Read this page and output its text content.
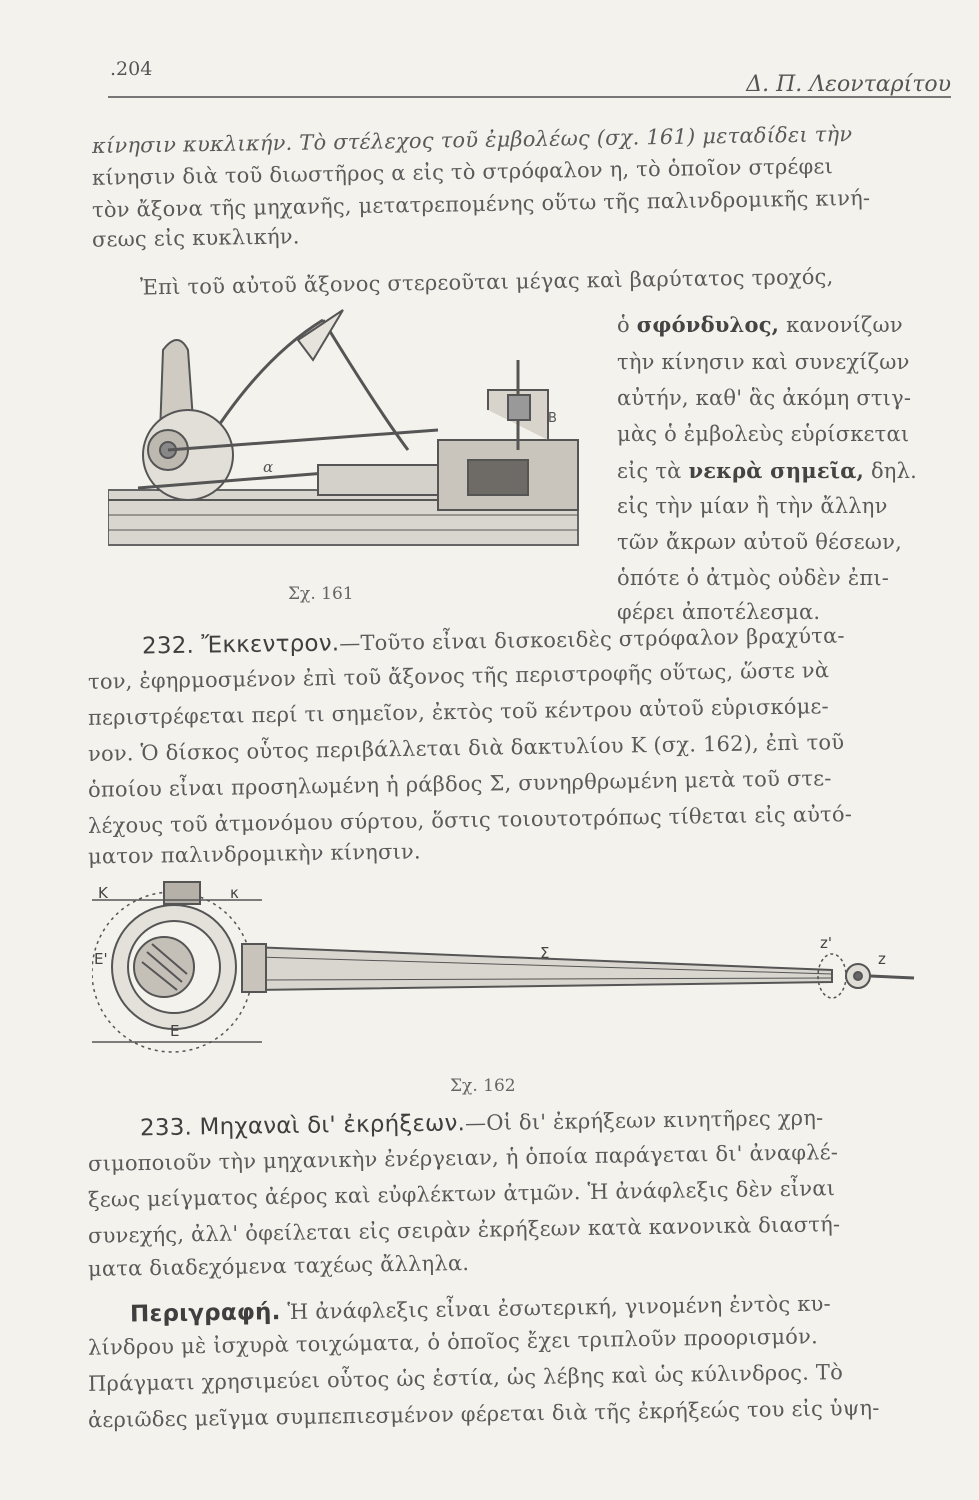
.204
Δ. Π. Λεονταρίτου
κίνησιν κυκλικήν. Τὸ στέλεχος τοῦ ἐμβολέως (σχ. 161) μεταδίδει τὴν
κίνησιν διὰ τοῦ διωστῆρος α εἰς τὸ στρόφαλον η, τὸ ὁποῖον στρέφει
τὸν ἄξονα τῆς μηχανῆς, μετατρεπομένης οὕτω τῆς παλινδρομικῆς κινή-
σεως εἰς κυκλικήν.
Ἐπὶ τοῦ αὐτοῦ ἄξονος στερεοῦται μέγας καὶ βαρύτατος τροχός,
ὁ σφόνδυλος, κανονίζων
τὴν κίνησιν καὶ συνεχίζων
αὐτήν, καθ' ἃς ἀκόμη στιγ-
μὰς ὁ ἐμβολεὺς εὑρίσκεται
εἰς τὰ νεκρὰ σημεῖα, δηλ.
εἰς τὴν μίαν ἢ τὴν ἄλλην
τῶν ἄκρων αὐτοῦ θέσεων,
ὁπότε ὁ ἀτμὸς οὐδὲν ἐπι-
φέρει ἀποτέλεσμα.
B
α
Σχ. 161
232. Ἔκκεντρον.—Τοῦτο εἶναι δισκοειδὲς στρόφαλον βραχύτα-
τον, ἐφηρμοσμένον ἐπὶ τοῦ ἄξονος τῆς περιστροφῆς οὕτως, ὥστε νὰ
περιστρέφεται περί τι σημεῖον, ἐκτὸς τοῦ κέντρου αὐτοῦ εὑρισκόμε-
νον. Ὁ δίσκος οὗτος περιβάλλεται διὰ δακτυλίου Κ (σχ. 162), ἐπὶ τοῦ
ὁποίου εἶναι προσηλωμένη ἡ ράβδος Σ, συνηρθρωμένη μετὰ τοῦ στε-
λέχους τοῦ ἀτμονόμου σύρτου, ὅστις τοιουτοτρόπως τίθεται εἰς αὐτό-
ματον παλινδρομικὴν κίνησιν.
K	κ
E'
E
Σ
z'
z
Σχ. 162
233. Μηχαναὶ δι' ἐκρήξεων.—Οἱ δι' ἐκρήξεων κινητῆρες χρη-
σιμοποιοῦν τὴν μηχανικὴν ἐνέργειαν, ἡ ὁποία παράγεται δι' ἀναφλέ-
ξεως μείγματος ἀέρος καὶ εὐφλέκτων ἀτμῶν. Ἡ ἀνάφλεξις δὲν εἶναι
συνεχής, ἀλλ' ὀφείλεται εἰς σειρὰν ἐκρήξεων κατὰ κανονικὰ διαστή-
ματα διαδεχόμενα ταχέως ἄλληλα.
Περιγραφή. Ἡ ἀνάφλεξις εἶναι ἐσωτερική, γινομένη ἐντὸς κυ-
λίνδρου μὲ ἰσχυρὰ τοιχώματα, ὁ ὁποῖος ἔχει τριπλοῦν προορισμόν.
Πράγματι χρησιμεύει οὗτος ὡς ἑστία, ὡς λέβης καὶ ὡς κύλινδρος. Τὸ
ἀεριῶδες μεῖγμα συμπεπιεσμένον φέρεται διὰ τῆς ἐκρήξεώς του εἰς ὑψη-
